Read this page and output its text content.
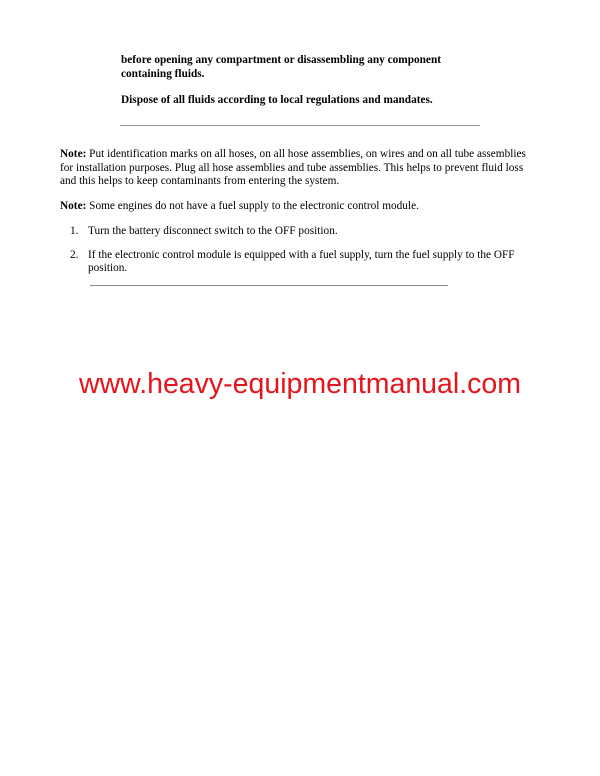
before opening any compartment or disassembling any component

containing fluids.

Dispose of all fluids according to local regulations and mandates.

Note: Put identification marks on all hoses, on all hose assemblies, on wires and on all tube assemblies for installation purposes. Plug all hose assemblies and tube assemblies. This helps to prevent fluid loss and this helps to keep contaminants from entering the system.

Note: Some engines do not have a fuel supply to the electronic control module.

1. Turn the battery disconnect switch to the OFF position.
2. If the electronic control module is equipped with a fuel supply, turn the fuel supply to the OFF position.
www.heavy-equipmentmanual.com
